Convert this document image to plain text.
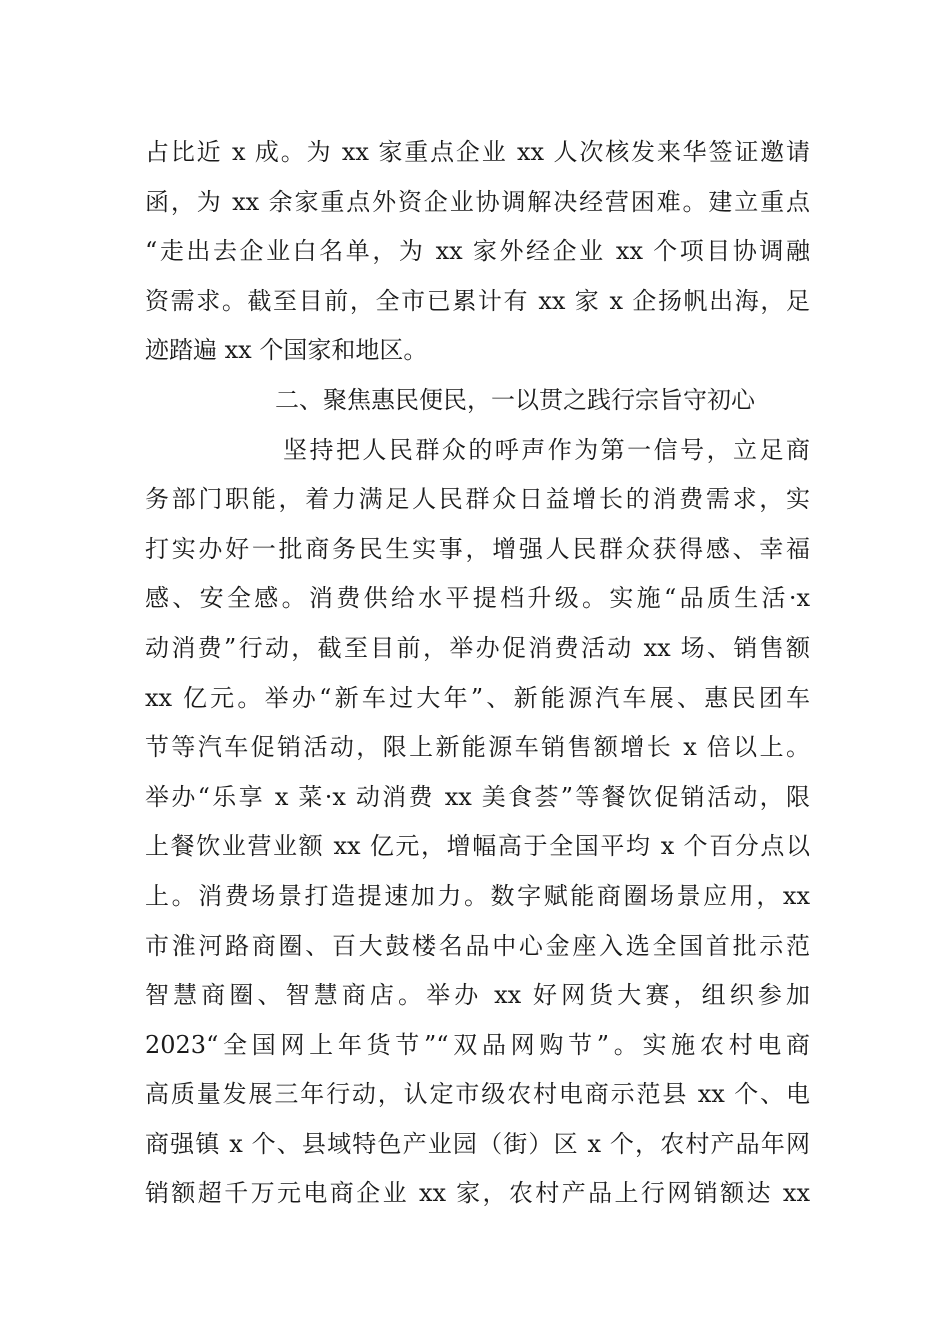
占比近 x 成。为 xx 家重点企业 xx 人次核发来华签证邀请
函，为 xx 余家重点外资企业协调解决经营困难。建立重点
“走出去企业白名单，为 xx 家外经企业 xx 个项目协调融
资需求。截至目前，全市已累计有 xx 家 x 企扬帆出海，足
迹踏遍 xx 个国家和地区。
二、聚焦惠民便民，一以贯之践行宗旨守初心
坚持把人民群众的呼声作为第一信号，立足商
务部门职能，着力满足人民群众日益增长的消费需求，实
打实办好一批商务民生实事，增强人民群众获得感、幸福
感、安全感。消费供给水平提档升级。实施“品质生活·x
动消费”行动，截至目前，举办促消费活动 xx 场、销售额
xx 亿元。举办“新车过大年”、新能源汽车展、惠民团车
节等汽车促销活动，限上新能源车销售额增长 x 倍以上。
举办“乐享 x 菜·x 动消费 xx 美食荟”等餐饮促销活动，限
上餐饮业营业额 xx 亿元，增幅高于全国平均 x 个百分点以
上。消费场景打造提速加力。数字赋能商圈场景应用，xx
市淮河路商圈、百大鼓楼名品中心金座入选全国首批示范
智慧商圈、智慧商店。举办 xx 好网货大赛，组织参加
2023“全国网上年货节”“双品网购节”。实施农村电商
高质量发展三年行动，认定市级农村电商示范县 xx 个、电
商强镇 x 个、县域特色产业园（街）区 x 个，农村产品年网
销额超千万元电商企业 xx 家，农村产品上行网销额达 xx
